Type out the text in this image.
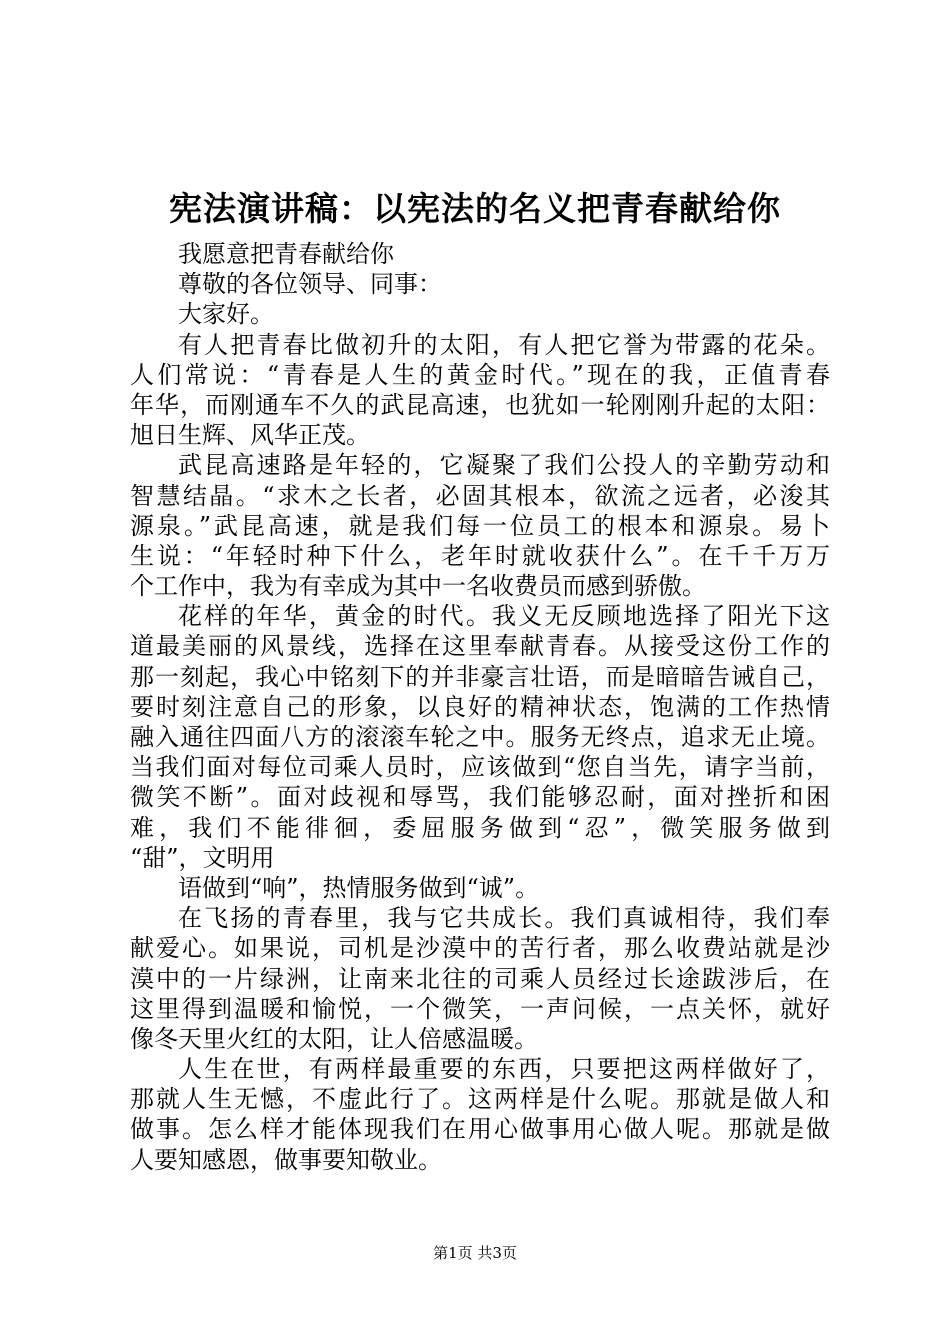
宪法演讲稿：以宪法的名义把青春献给你
我愿意把青春献给你
尊敬的各位领导、同事：
大家好。
有人把青春比做初升的太阳，有人把它誉为带露的花朵。
人们常说：“青春是人生的黄金时代。”现在的我，正值青春
年华，而刚通车不久的武昆高速，也犹如一轮刚刚升起的太阳：
旭日生辉、风华正茂。
武昆高速路是年轻的，它凝聚了我们公投人的辛勤劳动和
智慧结晶。“求木之长者，必固其根本，欲流之远者，必浚其
源泉。”武昆高速，就是我们每一位员工的根本和源泉。易卜
生说：“年轻时种下什么，老年时就收获什么”。在千千万万
个工作中，我为有幸成为其中一名收费员而感到骄傲。
花样的年华，黄金的时代。我义无反顾地选择了阳光下这
道最美丽的风景线，选择在这里奉献青春。从接受这份工作的
那一刻起，我心中铭刻下的并非豪言壮语，而是暗暗告诫自己，
要时刻注意自己的形象，以良好的精神状态，饱满的工作热情
融入通往四面八方的滚滚车轮之中。服务无终点，追求无止境。
当我们面对每位司乘人员时，应该做到“您自当先，请字当前，
微笑不断”。面对歧视和辱骂，我们能够忍耐，面对挫折和困
难，我们不能徘徊，委屈服务做到“忍”，微笑服务做到
“甜”，文明用
语做到“响”，热情服务做到“诚”。
在飞扬的青春里，我与它共成长。我们真诚相待，我们奉
献爱心。如果说，司机是沙漠中的苦行者，那么收费站就是沙
漠中的一片绿洲，让南来北往的司乘人员经过长途跋涉后，在
这里得到温暖和愉悦，一个微笑，一声问候，一点关怀，就好
像冬天里火红的太阳，让人倍感温暖。
人生在世，有两样最重要的东西，只要把这两样做好了，
那就人生无憾，不虚此行了。这两样是什么呢。那就是做人和
做事。怎么样才能体现我们在用心做事用心做人呢。那就是做
人要知感恩，做事要知敬业。
第1页 共3页
